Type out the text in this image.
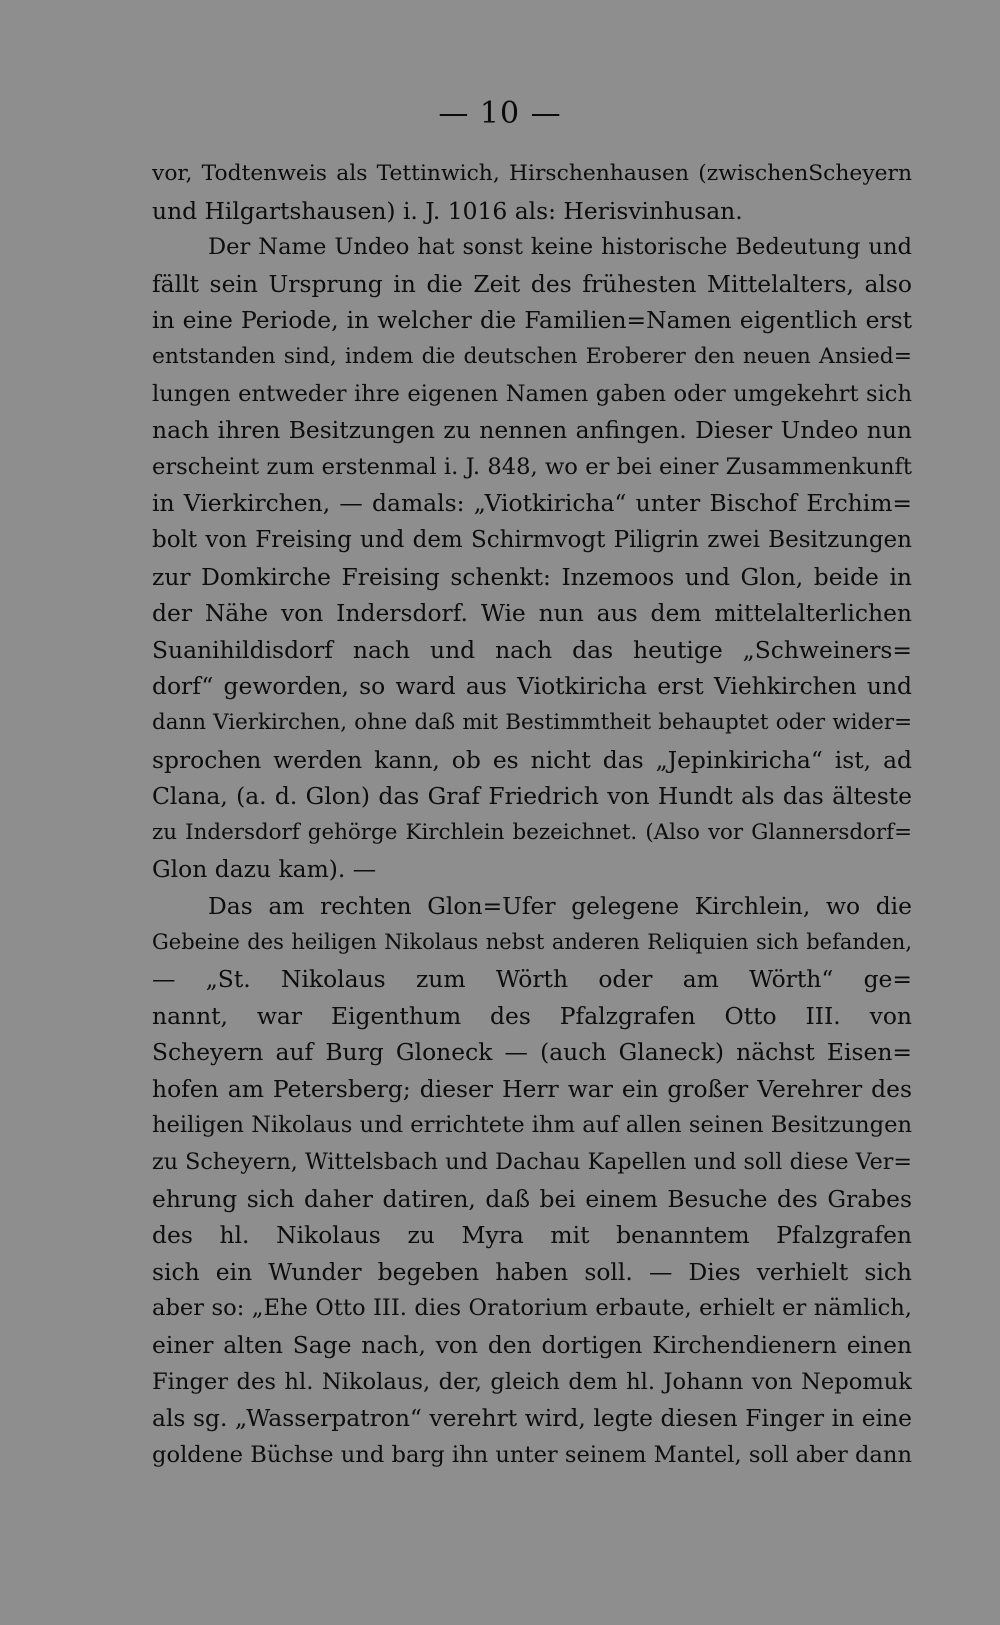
— 10 —
vor, Todtenweis als Tettinwich, Hirschenhausen (zwischenScheyern
und Hilgartshausen) i. J. 1016 als: Herisvinhusan.
Der Name Undeo hat sonst keine historische Bedeutung und
fällt sein Ursprung in die Zeit des frühesten Mittelalters, also
in eine Periode, in welcher die Familien=Namen eigentlich erst
entstanden sind, indem die deutschen Eroberer den neuen Ansied=
lungen entweder ihre eigenen Namen gaben oder umgekehrt sich
nach ihren Besitzungen zu nennen anfingen. Dieser Undeo nun
erscheint zum erstenmal i. J. 848, wo er bei einer Zusammenkunft
in Vierkirchen, — damals: „Viotkiricha“ unter Bischof Erchim=
bolt von Freising und dem Schirmvogt Piligrin zwei Besitzungen
zur Domkirche Freising schenkt: Inzemoos und Glon, beide in
der Nähe von Indersdorf. Wie nun aus dem mittelalterlichen
Suanihildisdorf nach und nach das heutige „Schweiners=
dorf“ geworden, so ward aus Viotkiricha erst Viehkirchen und
dann Vierkirchen, ohne daß mit Bestimmtheit behauptet oder wider=
sprochen werden kann, ob es nicht das „Jepinkiricha“ ist, ad
Clana, (a. d. Glon) das Graf Friedrich von Hundt als das älteste
zu Indersdorf gehörge Kirchlein bezeichnet. (Also vor Glannersdorf=
Glon dazu kam). —
Das am rechten Glon=Ufer gelegene Kirchlein, wo die
Gebeine des heiligen Nikolaus nebst anderen Reliquien sich befanden,
— „St. Nikolaus zum Wörth oder am Wörth“ ge=
nannt, war Eigenthum des Pfalzgrafen Otto III. von
Scheyern auf Burg Gloneck — (auch Glaneck) nächst Eisen=
hofen am Petersberg; dieser Herr war ein großer Verehrer des
heiligen Nikolaus und errichtete ihm auf allen seinen Besitzungen
zu Scheyern, Wittelsbach und Dachau Kapellen und soll diese Ver=
ehrung sich daher datiren, daß bei einem Besuche des Grabes
des hl. Nikolaus zu Myra mit benanntem Pfalzgrafen
sich ein Wunder begeben haben soll. — Dies verhielt sich
aber so: „Ehe Otto III. dies Oratorium erbaute, erhielt er nämlich,
einer alten Sage nach, von den dortigen Kirchendienern einen
Finger des hl. Nikolaus, der, gleich dem hl. Johann von Nepomuk
als sg. „Wasserpatron“ verehrt wird, legte diesen Finger in eine
goldene Büchse und barg ihn unter seinem Mantel, soll aber dann
